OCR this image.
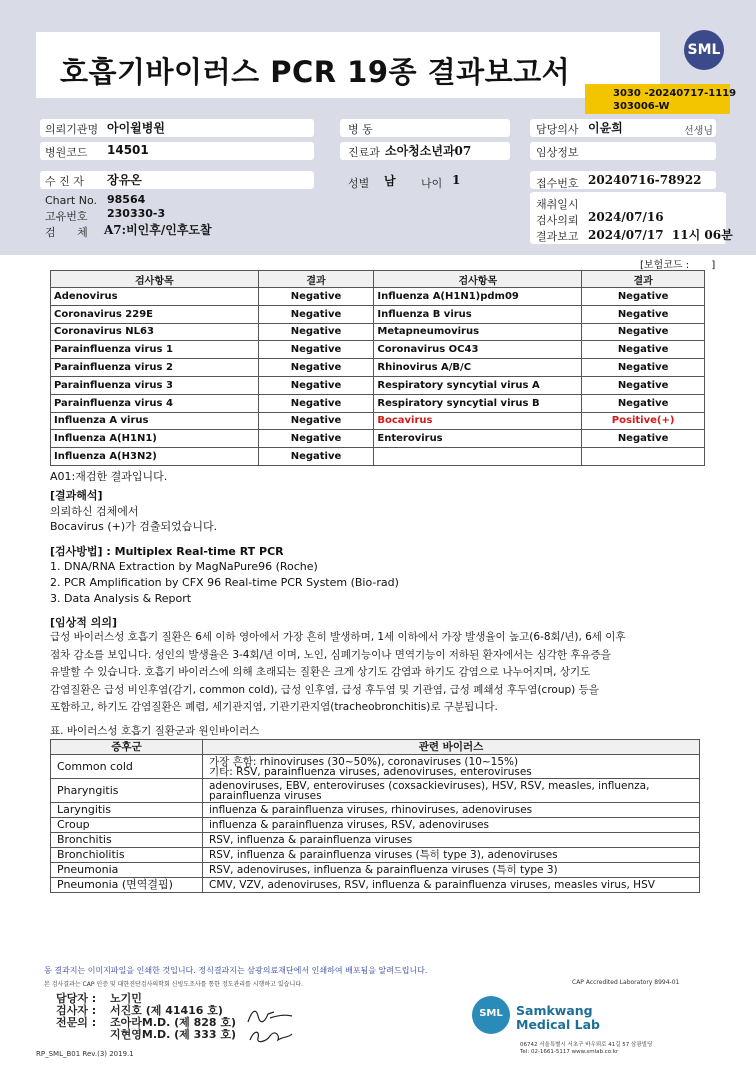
호흡기바이러스 PCR 19종 결과보고서
SML
3030 -20240717-1119
303006-W
의뢰기관명 아이윌병원	병 동	담당의사 이윤희	선생님
병원코드 14501	진료과 소아청소년과07	임상정보
수 진 자 장유온	성별 남 나이 1	접수번호 20240716-78922
Chart No. 98564
고유번호 230330-3
검 체 A7:비인후/인후도찰
채취일시
검사의뢰 2024/07/16
결과보고 2024/07/17  11시 06분
[보험코드 :       ]
검사항목	결과	검사항목	결과
Adenovirus	Negative	Influenza A(H1N1)pdm09	Negative
Coronavirus 229E	Negative	Influenza B virus	Negative
Coronavirus NL63	Negative	Metapneumovirus	Negative
Parainfluenza virus 1	Negative	Coronavirus OC43	Negative
Parainfluenza virus 2	Negative	Rhinovirus A/B/C	Negative
Parainfluenza virus 3	Negative	Respiratory syncytial virus A	Negative
Parainfluenza virus 4	Negative	Respiratory syncytial virus B	Negative
Influenza A virus	Negative	Bocavirus	Positive(+)
Influenza A(H1N1)	Negative	Enterovirus	Negative
Influenza A(H3N2)	Negative		
A01:재검한 결과입니다.
[결과해석]
의뢰하신 검체에서
Bocavirus (+)가 검출되었습니다.
[검사방법] : Multiplex Real-time RT PCR
1. DNA/RNA Extraction by MagNaPure96 (Roche)
2. PCR Amplification by CFX 96 Real-time PCR System (Bio-rad)
3. Data Analysis & Report
[임상적 의의]
급성 바이러스성 호흡기 질환은 6세 이하 영아에서 가장 흔히 발생하며, 1세 이하에서 가장 발생율이 높고(6-8회/년), 6세 이후
점차 감소를 보입니다. 성인의 발생율은 3-4회/년 이며, 노인, 심폐기능이나 면역기능이 저하된 환자에서는 심각한 후유증을
유발할 수 있습니다. 호흡기 바이러스에 의해 초래되는 질환은 크게 상기도 감염과 하기도 감염으로 나누어지며, 상기도
감염질환은 급성 비인후염(감기, common cold), 급성 인후염, 급성 후두염 및 기관염, 급성 폐쇄성 후두염(croup) 등을
포함하고, 하기도 감염질환은 폐렴, 세기관지염, 기관기관지염(tracheobronchitis)로 구분됩니다.
표. 바이러스성 호흡기 질환군과 원인바이러스
증후군	관련 바이러스
Common cold	가장 흔함: rhinoviruses (30~50%), coronaviruses (10~15%)
기타: RSV, parainfluenza viruses, adenoviruses, enteroviruses

Pharyngitis	adenoviruses, EBV, enteroviruses (coxsackieviruses), HSV, RSV, measles, influenza,
parainfluenza viruses

Laryngitis	influenza & parainfluenza viruses, rhinoviruses, adenoviruses

Croup	influenza & parainfluenza viruses, RSV, adenoviruses

Bronchitis	RSV, influenza & parainfluenza viruses

Bronchiolitis	RSV, influenza & parainfluenza viruses (특히 type 3), adenoviruses

Pneumonia	RSV, adenoviruses, influenza & parainfluenza viruses (특히 type 3)

Pneumonia (면역결핍)	CMV, VZV, adenoviruses, RSV, influenza & parainfluenza viruses, measles virus, HSV
동 결과지는 이미지파일을 인쇄한 것입니다. 정식결과지는 삼광의료재단에서 인쇄하여 배포됨을 알려드립니다.
본 검사결과는 CAP 인증 및 대한진단검사의학회 신빙도조사를 통한 정도관리를 시행하고 있습니다.	CAP Accredited Laboratory 8994-01
담당자 : 노기민
검사자 : 서진호 (제 41416 호)
전문의 : 조아라M.D. (제 828 호)
지현영M.D. (제 333 호)
SML	Samkwang
Medical Lab
06742 서울특별시 서초구 바우뫼로 41길 57 삼광빌딩
Tel: 02-1661-5117 www.smlab.co.kr
RP_SML_B01 Rev.(3) 2019.1
